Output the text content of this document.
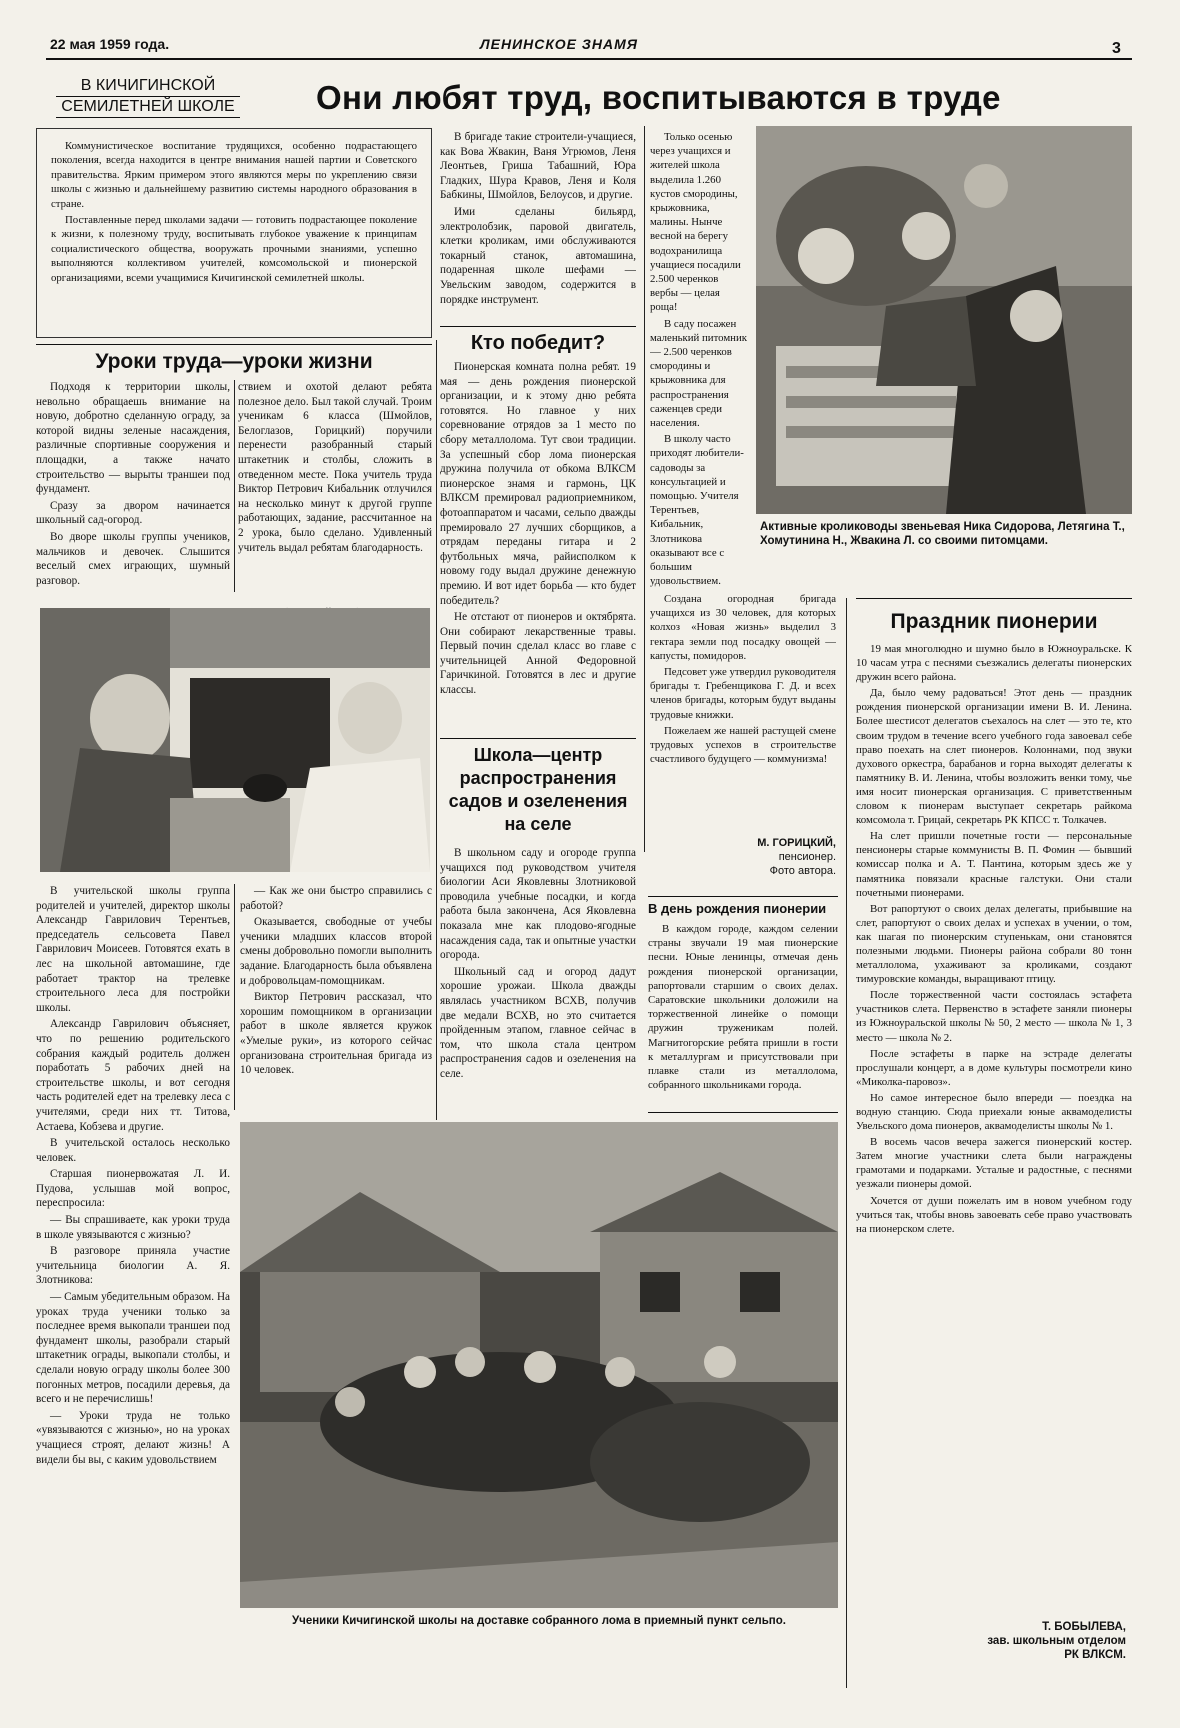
22 мая 1959 года.	ЛЕНИНСКОЕ ЗНАМЯ	3
В КИЧИГИНСКОЙ
СЕМИЛЕТНЕЙ ШКОЛЕ Они любят труд, воспитываются в труде

Коммунистическое воспитание трудящихся, особенно подрастающего поколения, всегда находится в центре внимания нашей партии и Советского правительства. Ярким примером этого являются меры по укреплению связи школы с жизнью и дальнейшему развитию системы народного образования в стране.

Поставленные перед школами задачи — готовить подрастающее поколение к жизни, к полезному труду, воспитывать глубокое уважение к принципам социалистического общества, вооружать прочными знаниями, успешно выполняются коллективом учителей, комсомольской и пионерской организациями, всеми учащимися Кичигинской семилетней школы.

В бригаде такие строители-учащиеся, как Вова Жвакин, Ваня Угрюмов, Леня Леонтьев, Гриша Табашний, Юра Гладких, Шура Кравов, Леня и Коля Бабкины, Шмойлов, Белоусов, и другие.

Ими сделаны бильярд, электролобзик, паровой двигатель, клетки кроликам, ими обслуживаются токарный станок, автомашина, подаренная школе шефами — Увельским заводом, содержится в порядке инструмент.

Кто победит?

Пионерская комната полна ребят. 19 мая — день рождения пионерской организации, и к этому дню ребята готовятся. Но главное у них соревнование отрядов за 1 место по сбору металлолома. Тут свои традиции. За успешный сбор лома пионерская дружина получила от обкома ВЛКСМ пионерское знамя и гармонь, ЦК ВЛКСМ премировал радиоприемником, фотоаппаратом и часами, сельпо дважды премировало 27 лучших сборщиков, а отрядам переданы гитара и 2 футбольных мяча, райисполком к новому году выдал дружине денежную премию. И вот идет борьба — кто будет победитель?

Не отстают от пионеров и октябрята. Они собирают лекарственные травы. Первый почин сделал класс во главе с учительницей Анной Федоровной Гаричкиной. Готовятся в лес и другие классы.

Школа—центр
распространения
садов и озеленения
на селе

В школьном саду и огороде группа учащихся под руководством учителя биологии Аси Яковлевны Злотниковой проводила учебные посадки, и когда работа была закончена, Ася Яковлевна показала мне как плодово-ягодные насаждения сада, так и опытные участки огорода.

Школьный сад и огород дадут хорошие урожаи. Школа дважды являлась участником ВСХВ, получив две медали ВСХВ, но это считается пройденным этапом, главное сейчас в том, что школа стала центром распространения садов и озеленения на селе.

Только осенью через учащихся и жителей школа выделила 1.260 кустов смородины, крыжовника, малины. Нынче весной на берегу водохранилища учащиеся посадили 2.500 черенков вербы — целая роща!

В саду посажен маленький питомник — 2.500 черенков смородины и крыжовника для распространения саженцев среди населения.

В школу часто приходят любители-садоводы за консультацией и помощью. Учителя Терентьев, Кибальник, Злотникова оказывают все с большим удовольствием.

Создана огородная бригада учащихся из 30 человек, для которых колхоз «Новая жизнь» выделил 3 гектара земли под посадку овощей — капусты, помидоров.

Педсовет уже утвердил руководителя бригады т. Гребенщикова Г. Д. и всех членов бригады, которым будут выданы трудовые книжки.

Пожелаем же нашей растущей смене трудовых успехов в строительстве счастливого будущего — коммунизма!

М. ГОРИЦКИЙ,
пенсионер.
Фото автора.
Активные кролиководы звеньевая Ника Сидорова, Летягина Т., Хомутинина Н., Жвакина Л. со своими питомцами.
Праздник пионерии

19 мая многолюдно и шумно было в Южноуральске. К 10 часам утра с песнями съезжались делегаты пионерских дружин всего района.

Да, было чему радоваться! Этот день — праздник рождения пионерской организации имени В. И. Ленина. Более шестисот делегатов съехалось на слет — это те, кто своим трудом в течение всего учебного года завоевал себе право поехать на слет пионеров. Колоннами, под звуки духового оркестра, барабанов и горна выходят делегаты к памятнику В. И. Ленина, чтобы возложить венки тому, чье имя носит пионерская организация. С приветственным словом к пионерам выступает секретарь райкома комсомола т. Грицай, секретарь РК КПСС т. Толкачев.

На слет пришли почетные гости — персональные пенсионеры старые коммунисты В. П. Фомин — бывший комиссар полка и А. Т. Пантина, которым здесь же у памятника повязали красные галстуки. Они стали почетными пионерами.

Вот рапортуют о своих делах делегаты, прибывшие на слет, рапортуют о своих делах и успехах в учении, о том, как шагая по пионерским ступенькам, они становятся полезными людьми. Пионеры района собрали 80 тонн металлолома, ухаживают за кроликами, создают тимуровские команды, выращивают птицу.

После торжественной части состоялась эстафета участников слета. Первенство в эстафете заняли пионеры из Южноуральской школы № 50, 2 место — школа № 1, 3 место — школа № 2.

После эстафеты в парке на эстраде делегаты прослушали концерт, а в доме культуры посмотрели кино «Миколка-паровоз».

Но самое интересное было впереди — поездка на водную станцию. Сюда приехали юные аквамоделисты Увельского дома пионеров, аквамоделисты школы № 1.

В восемь часов вечера зажегся пионерский костер. Затем многие участники слета были награждены грамотами и подарками. Усталые и радостные, с песнями уезжали пионеры домой.

Хочется от души пожелать им в новом учебном году учиться так, чтобы вновь завоевать себе право участвовать на пионерском слете.

Т. БОБЫЛЕВА,
зав. школьным отделом
РК ВЛКСМ.
В день рождения пионерии

В каждом городе, каждом селении страны звучали 19 мая пионерские песни. Юные ленинцы, отмечая день рождения пионерской организации, рапортовали старшим о своих делах. Саратовские школьники доложили на торжественной линейке о помощи дружин труженикам полей. Магнитогорские ребята пришли в гости к металлургам и присутствовали при плавке стали из металлолома, собранного школьниками города.

Уроки труда—уроки жизни

Подходя к территории школы, невольно обращаешь внимание на новую, добротно сделанную ограду, за которой видны зеленые насаждения, различные спортивные сооружения и площадки, а также начато строительство — вырыты траншеи под фундамент.

Сразу за двором начинается школьный сад-огород.

Во дворе школы группы учеников, мальчиков и девочек. Слышится веселый смех играющих, шумный разговор.

ствием и охотой делают ребята полезное дело. Был такой случай. Троим ученикам 6 класса (Шмойлов, Белоглазов, Горицкий) поручили перенести разобранный старый штакетник и столбы, сложить в отведенном месте. Пока учитель труда Виктор Петрович Кибальник отлучился на несколько минут к другой группе работающих, задание, рассчитанное на 2 урока, было сделано. Удивленный учитель выдал ребятам благодарность.

В учительской школы группа родителей и учителей, директор школы Александр Гаврилович Терентьев, председатель сельсовета Павел Гаврилович Моисеев. Готовятся ехать в лес на школьной автомашине, где работает трактор на трелевке строительного леса для постройки школы.

Александр Гаврилович объясняет, что по решению родительского собрания каждый родитель должен поработать 5 рабочих дней на строительстве школы, и вот сегодня часть родителей едет на трелевку леса с учителями, среди них тт. Титова, Астаева, Кобзева и другие.

В учительской осталось несколько человек.

Старшая пионервожатая Л. И. Пудова, услышав мой вопрос, переспросила:

— Вы спрашиваете, как уроки труда в школе увязываются с жизнью?

В разговоре приняла участие учительница биологии А. Я. Злотникова:

— Самым убедительным образом. На уроках труда ученики только за последнее время выкопали траншеи под фундамент школы, разобрали старый штакетник ограды, выкопали столбы, и сделали новую ограду школы более 300 погонных метров, посадили деревья, да всего и не перечислишь!

— Уроки труда не только «увязываются с жизнью», но на уроках учащиеся строят, делают жизнь! А видели бы вы, с каким удовольствием

— Как же они быстро справились с работой?

Оказывается, свободные от учебы ученики младших классов второй смены добровольно помогли выполнить задание. Благодарность была объявлена и добровольцам-помощникам.

Виктор Петрович рассказал, что хорошим помощником в организации работ в школе является кружок «Умелые руки», из которого сейчас организована строительная бригада из 10 человек.

Ученики Кичигинской школы на доставке собранного лома в приемный пункт сельпо.
